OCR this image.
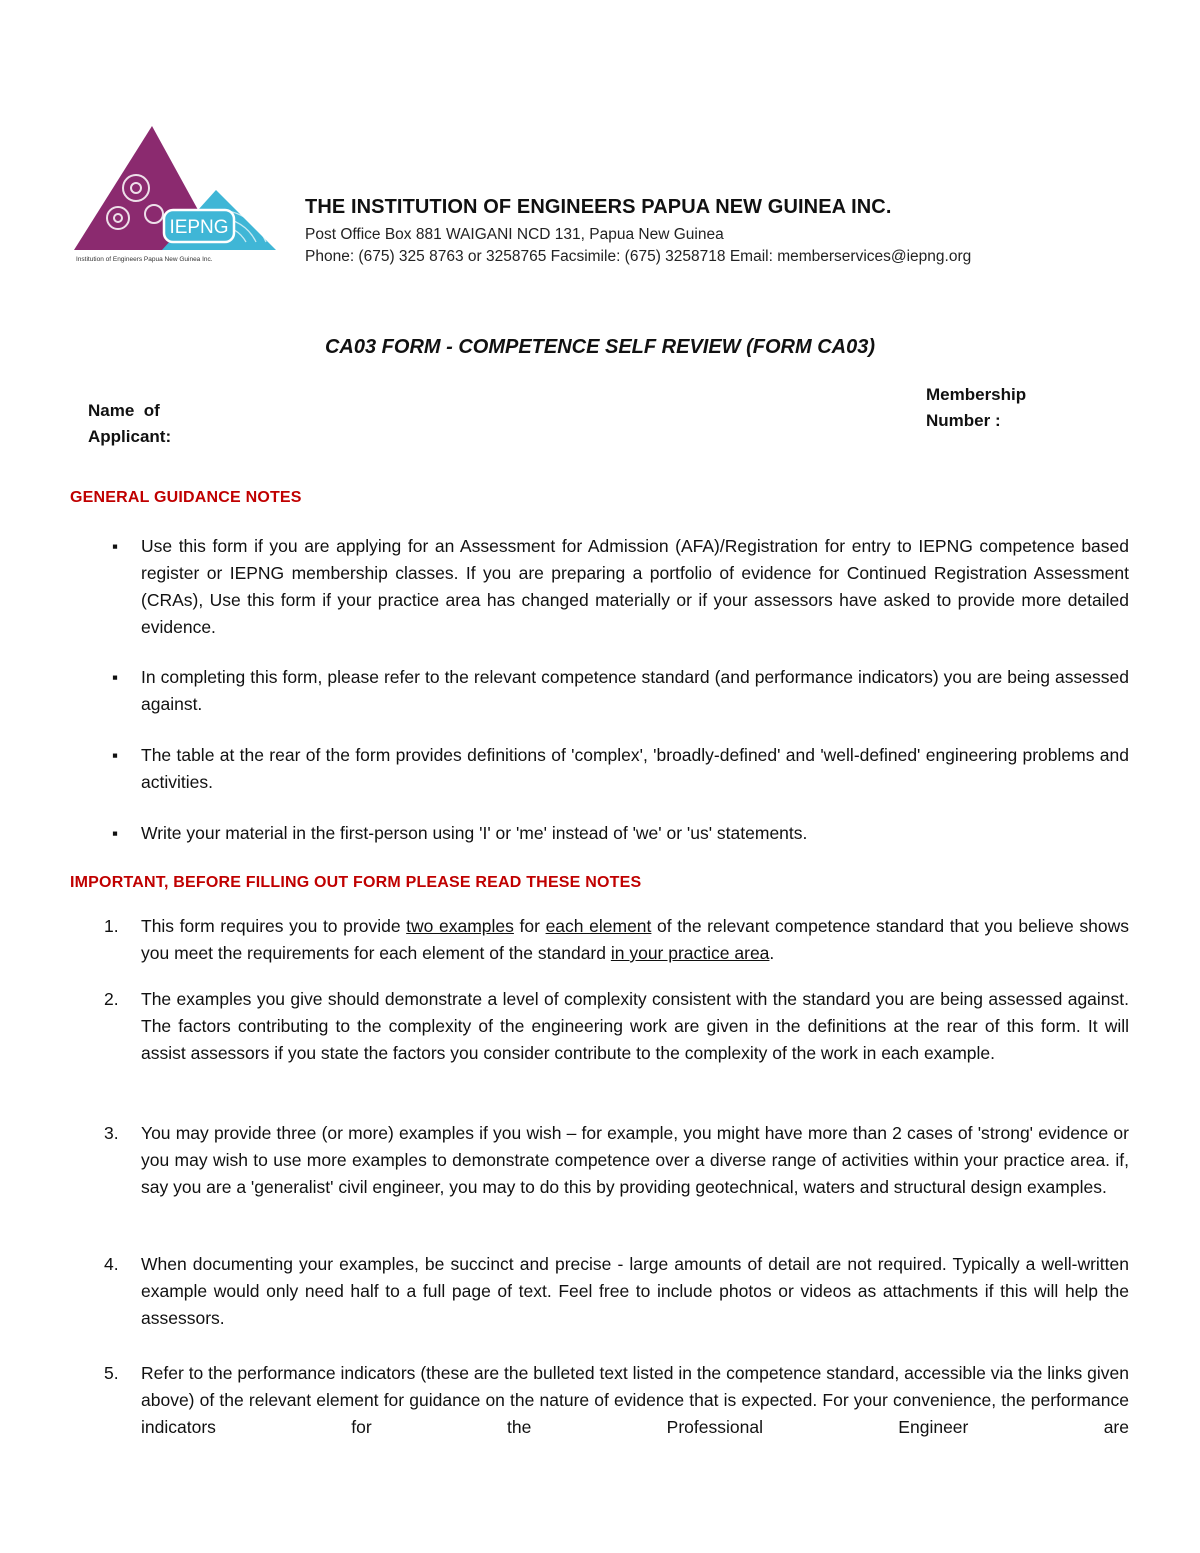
IEPNG
Institution of Engineers Papua New Guinea Inc.
THE INSTITUTION OF ENGINEERS PAPUA NEW GUINEA INC.
Post Office Box 881 WAIGANI NCD 131, Papua New Guinea
Phone: (675) 325 8763 or 3258765 Facsimile: (675) 3258718 Email: memberservices@iepng.org
CA03 FORM - COMPETENCE SELF REVIEW (FORM CA03)
Name  of
Applicant:
Membership
Number :
GENERAL GUIDANCE NOTES
▪ Use this form if you are applying for an Assessment for Admission (AFA)/Registration for entry to IEPNG competence based register or IEPNG membership classes. If you are preparing a portfolio of evidence for Continued Registration Assessment (CRAs), Use this form if your practice area has changed materially or if your assessors have asked to provide more detailed evidence.
▪ In completing this form, please refer to the relevant competence standard (and performance indicators) you are being assessed against.
▪ The table at the rear of the form provides definitions of 'complex', 'broadly-defined' and 'well-defined' engineering problems and activities.
▪ Write your material in the first-person using 'I' or 'me' instead of 'we' or 'us' statements.
IMPORTANT, BEFORE FILLING OUT FORM PLEASE READ THESE NOTES
1. This form requires you to provide two examples for each element of the relevant competence standard that you believe shows you meet the requirements for each element of the standard in your practice area.
2. The examples you give should demonstrate a level of complexity consistent with the standard you are being assessed against. The factors contributing to the complexity of the engineering work are given in the definitions at the rear of this form. It will assist assessors if you state the factors you consider contribute to the complexity of the work in each example.
3. You may provide three (or more) examples if you wish – for example, you might have more than 2 cases of 'strong' evidence or you may wish to use more examples to demonstrate competence over a diverse range of activities within your practice area. if, say you are a 'generalist' civil engineer, you may to do this by providing geotechnical, waters and structural design examples.
4. When documenting your examples, be succinct and precise - large amounts of detail are not required. Typically a well-written example would only need half to a full page of text. Feel free to include photos or videos as attachments if this will help the assessors.
5. Refer to the performance indicators (these are the bulleted text listed in the competence standard, accessible via the links given above) of the relevant element for guidance on the nature of evidence that is expected. For your convenience, the performance indicators for the Professional Engineer are
